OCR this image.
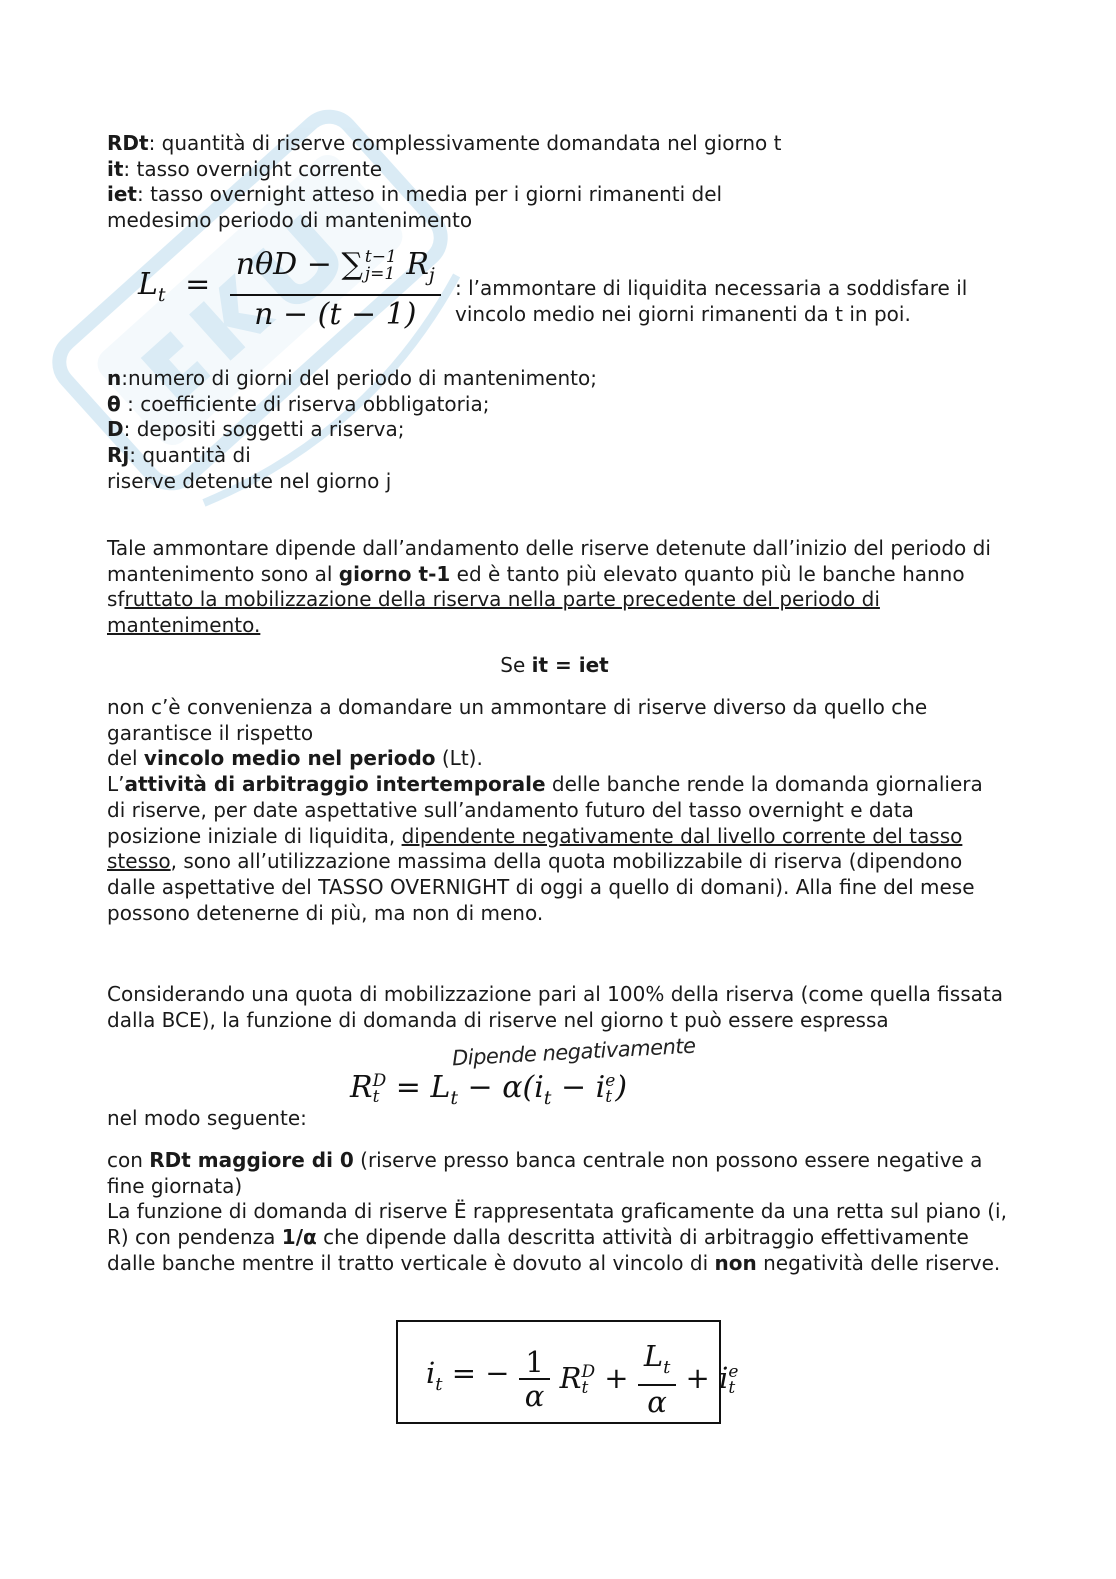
RDt: quantità di riserve complessivamente domandata nel giorno t
it: tasso overnight corrente
iet: tasso overnight atteso in media per i giorni rimanenti del medesimo periodo di mantenimento
$L_t = n\theta D$ − ∑ t−1
j=1 $R_j$
n − (t − 1) : l’ammontare di liquidita necessaria a soddisfare il vincolo medio nei giorni rimanenti da t in poi.
n:numero di giorni del periodo di mantenimento;
θ : coefficiente di riserva obbligatoria;
D: depositi soggetti a riserva;
Rj: quantità di
riserve detenute nel giorno j

Tale ammontare dipende dall’andamento delle riserve detenute dall’inizio del periodo di mantenimento sono al giorno t-1 ed è tanto più elevato quanto più le banche hanno sfruttato la mobilizzazione della riserva nella parte precedente del periodo di mantenimento.

Se it = iet
non c’è convenienza a domandare un ammontare di riserve diverso da quello che garantisce il rispetto
del vincolo medio nel periodo (Lt).
L’attività di arbitraggio intertemporale delle banche rende la domanda giornaliera di riserve, per date aspettative sull’andamento futuro del tasso overnight e data posizione iniziale di liquidita, dipendente negativamente dal livello corrente del tasso stesso, sono all’utilizzazione massima della quota mobilizzabile di riserva (dipendono dalle aspettative del TASSO OVERNIGHT di oggi a quello di domani). Alla fine del mese possono detenerne di più, ma non di meno.

Considerando una quota di mobilizzazione pari al 100% della riserva (come quella fissata dalla BCE), la funzione di domanda di riserve nel giorno t può essere espressa

Dipende negativamente
R D
$t = L_t - \alpha(i_t - i$ e
t )
nel modo seguente:
con RDt maggiore di 0 (riserve presso banca centrale non possono essere negative a fine giornata)
La funzione di domanda di riserve Ë rappresentata graficamente da una retta sul piano (i, R) con pendenza 1/α che dipende dalla descritta attività di arbitraggio effettivamente dalle banche mentre il tratto verticale è dovuto al vincolo di non negatività delle riserve.
$i_t$ = − $\frac{1}{\alpha}$ R D
$t + \frac{L_t}{\alpha} + i$ e
t
